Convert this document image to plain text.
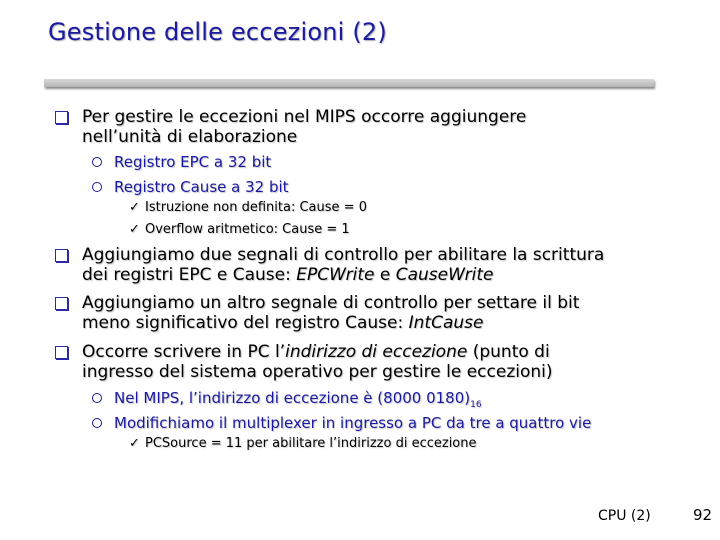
Gestione delle eccezioni (2)
Per gestire le eccezioni nel MIPS occorre aggiungere
nell’unità di elaborazione
Registro EPC a 32 bit
Registro Cause a 32 bit
✓ Istruzione non definita: Cause = 0
✓ Overflow aritmetico: Cause = 1
Aggiungiamo due segnali di controllo per abilitare la scrittura
dei registri EPC e Cause: EPCWrite e CauseWrite
Aggiungiamo un altro segnale di controllo per settare il bit
meno significativo del registro Cause: IntCause
Occorre scrivere in PC l’indirizzo di eccezione (punto di
ingresso del sistema operativo per gestire le eccezioni)
Nel MIPS, l’indirizzo di eccezione è (8000 $0180)_{16}$
Modifichiamo il multiplexer in ingresso a PC da tre a quattro vie
✓ PCSource = 11 per abilitare l’indirizzo di eccezione
CPU (2)	92
